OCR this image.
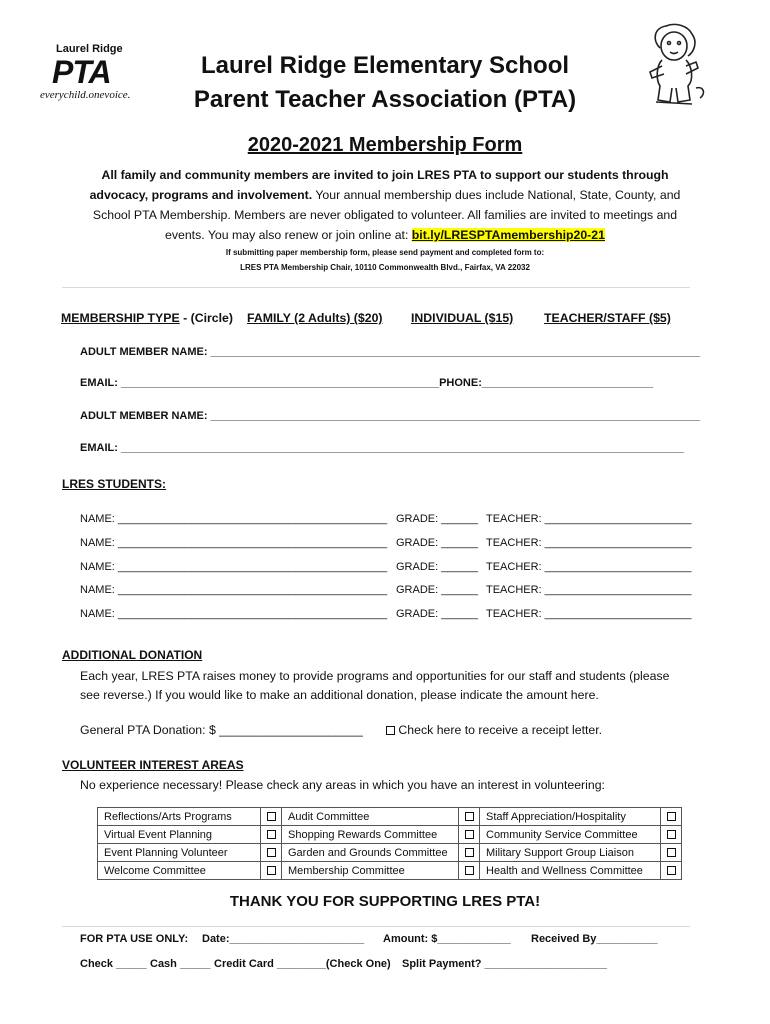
Laurel Ridge
PTA
everychild.onevoice.
Laurel Ridge Elementary School
Parent Teacher Association (PTA)
2020-2021 Membership Form
All family and community members are invited to join LRES PTA to support our students through advocacy, programs and involvement. Your annual membership dues include National, State, County, and School PTA Membership. Members are never obligated to volunteer. All families are invited to meetings and events. You may also renew or join online at: bit.ly/LRESPTAmembership20-21
If submitting paper membership form, please send payment and completed form to:
LRES PTA Membership Chair, 10110 Commonwealth Blvd., Fairfax, VA 22032
MEMBERSHIP TYPE - (Circle) FAMILY (2 Adults) ($20) INDIVIDUAL ($15) TEACHER/STAFF ($5)
ADULT MEMBER NAME: ________________________________________________________________________________
EMAIL: ____________________________________________________PHONE:____________________________
ADULT MEMBER NAME: ________________________________________________________________________________
EMAIL: ____________________________________________________________________________________________
LRES STUDENTS:
NAME: ____________________________________________ GRADE: ______ TEACHER: ________________________
NAME: ____________________________________________ GRADE: ______ TEACHER: ________________________
NAME: ____________________________________________ GRADE: ______ TEACHER: ________________________
NAME: ____________________________________________ GRADE: ______ TEACHER: ________________________
NAME: ____________________________________________ GRADE: ______ TEACHER: ________________________
ADDITIONAL DONATION
Each year, LRES PTA raises money to provide programs and opportunities for our staff and students (please
see reverse.) If you would like to make an additional donation, please indicate the amount here.
General PTA Donation: $ _____________________	Check here to receive a receipt letter.
VOLUNTEER INTEREST AREAS
No experience necessary! Please check any areas in which you have an interest in volunteering:
Reflections/Arts Programs		Audit Committee		Staff Appreciation/Hospitality	
Virtual Event Planning		Shopping Rewards Committee		Community Service Committee	
Event Planning Volunteer		Garden and Grounds Committee		Military Support Group Liaison	
Welcome Committee		Membership Committee		Health and Wellness Committee	
THANK YOU FOR SUPPORTING LRES PTA!
FOR PTA USE ONLY: Date:______________________ Amount: $____________ Received By__________
Check _____ Cash _____ Credit Card ________(Check One) Split Payment? ____________________
